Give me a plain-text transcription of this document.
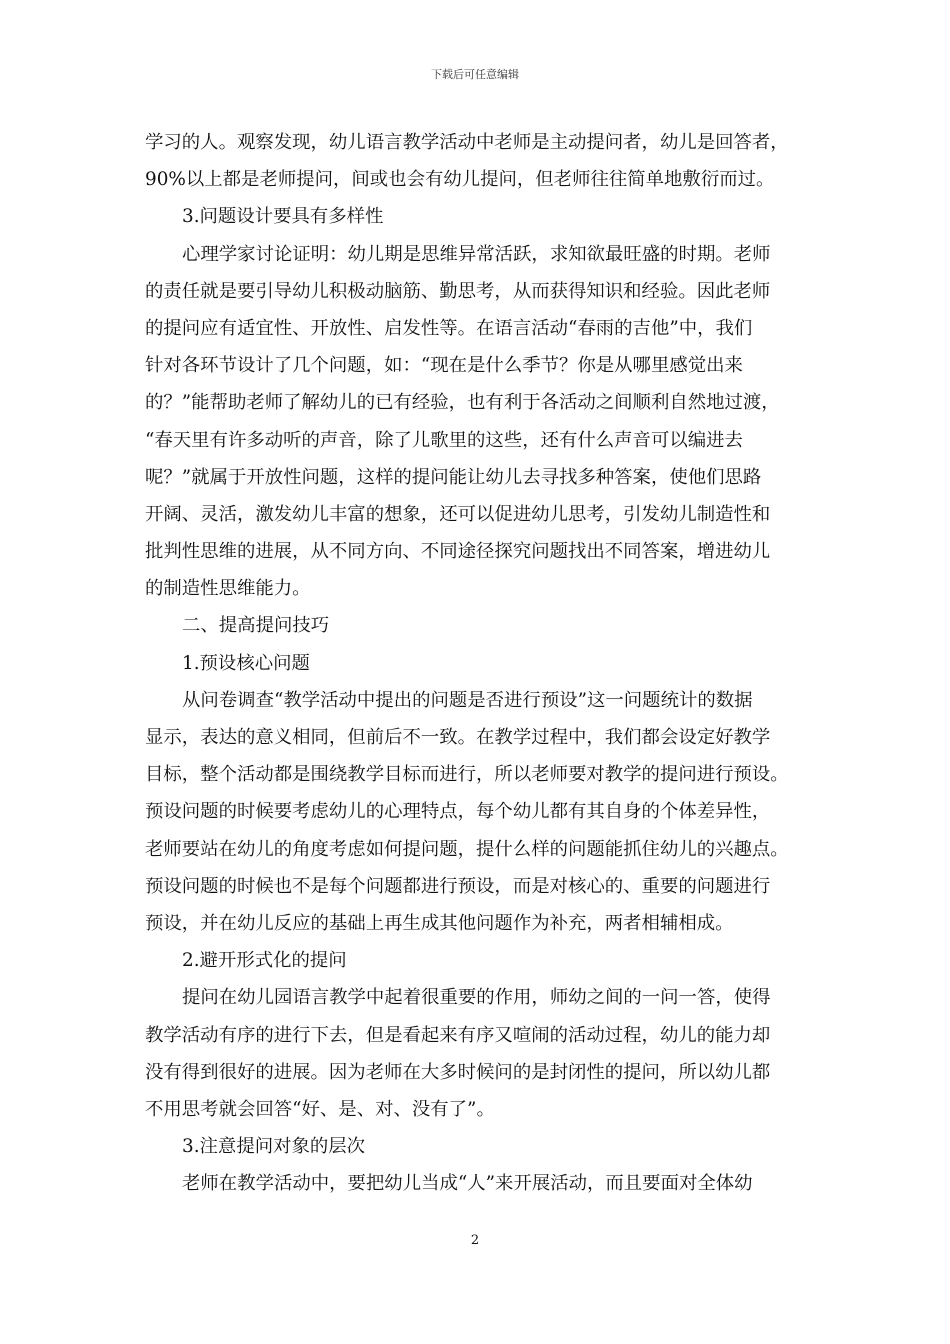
下载后可任意编辑
学习的人。观察发现，幼儿语言教学活动中老师是主动提问者，幼儿是回答者，
90%以上都是老师提问，间或也会有幼儿提问，但老师往往简单地敷衍而过。
3.问题设计要具有多样性
心理学家讨论证明：幼儿期是思维异常活跃，求知欲最旺盛的时期。老师
的责任就是要引导幼儿积极动脑筋、勤思考，从而获得知识和经验。因此老师
的提问应有适宜性、开放性、启发性等。在语言活动“春雨的吉他”中，我们
针对各环节设计了几个问题，如：“现在是什么季节？你是从哪里感觉出来
的？”能帮助老师了解幼儿的已有经验，也有利于各活动之间顺利自然地过渡，
“春天里有许多动听的声音，除了儿歌里的这些，还有什么声音可以编进去
呢？”就属于开放性问题，这样的提问能让幼儿去寻找多种答案，使他们思路
开阔、灵活，激发幼儿丰富的想象，还可以促进幼儿思考，引发幼儿制造性和
批判性思维的进展，从不同方向、不同途径探究问题找出不同答案，增进幼儿
的制造性思维能力。
二、提高提问技巧
1.预设核心问题
从问卷调查“教学活动中提出的问题是否进行预设”这一问题统计的数据
显示，表达的意义相同，但前后不一致。在教学过程中，我们都会设定好教学
目标，整个活动都是围绕教学目标而进行，所以老师要对教学的提问进行预设。
预设问题的时候要考虑幼儿的心理特点，每个幼儿都有其自身的个体差异性，
老师要站在幼儿的角度考虑如何提问题，提什么样的问题能抓住幼儿的兴趣点。
预设问题的时候也不是每个问题都进行预设，而是对核心的、重要的问题进行
预设，并在幼儿反应的基础上再生成其他问题作为补充，两者相辅相成。
2.避开形式化的提问
提问在幼儿园语言教学中起着很重要的作用，师幼之间的一问一答，使得
教学活动有序的进行下去，但是看起来有序又喧闹的活动过程，幼儿的能力却
没有得到很好的进展。因为老师在大多时候问的是封闭性的提问，所以幼儿都
不用思考就会回答“好、是、对、没有了”。
3.注意提问对象的层次
老师在教学活动中，要把幼儿当成“人”来开展活动，而且要面对全体幼
2
